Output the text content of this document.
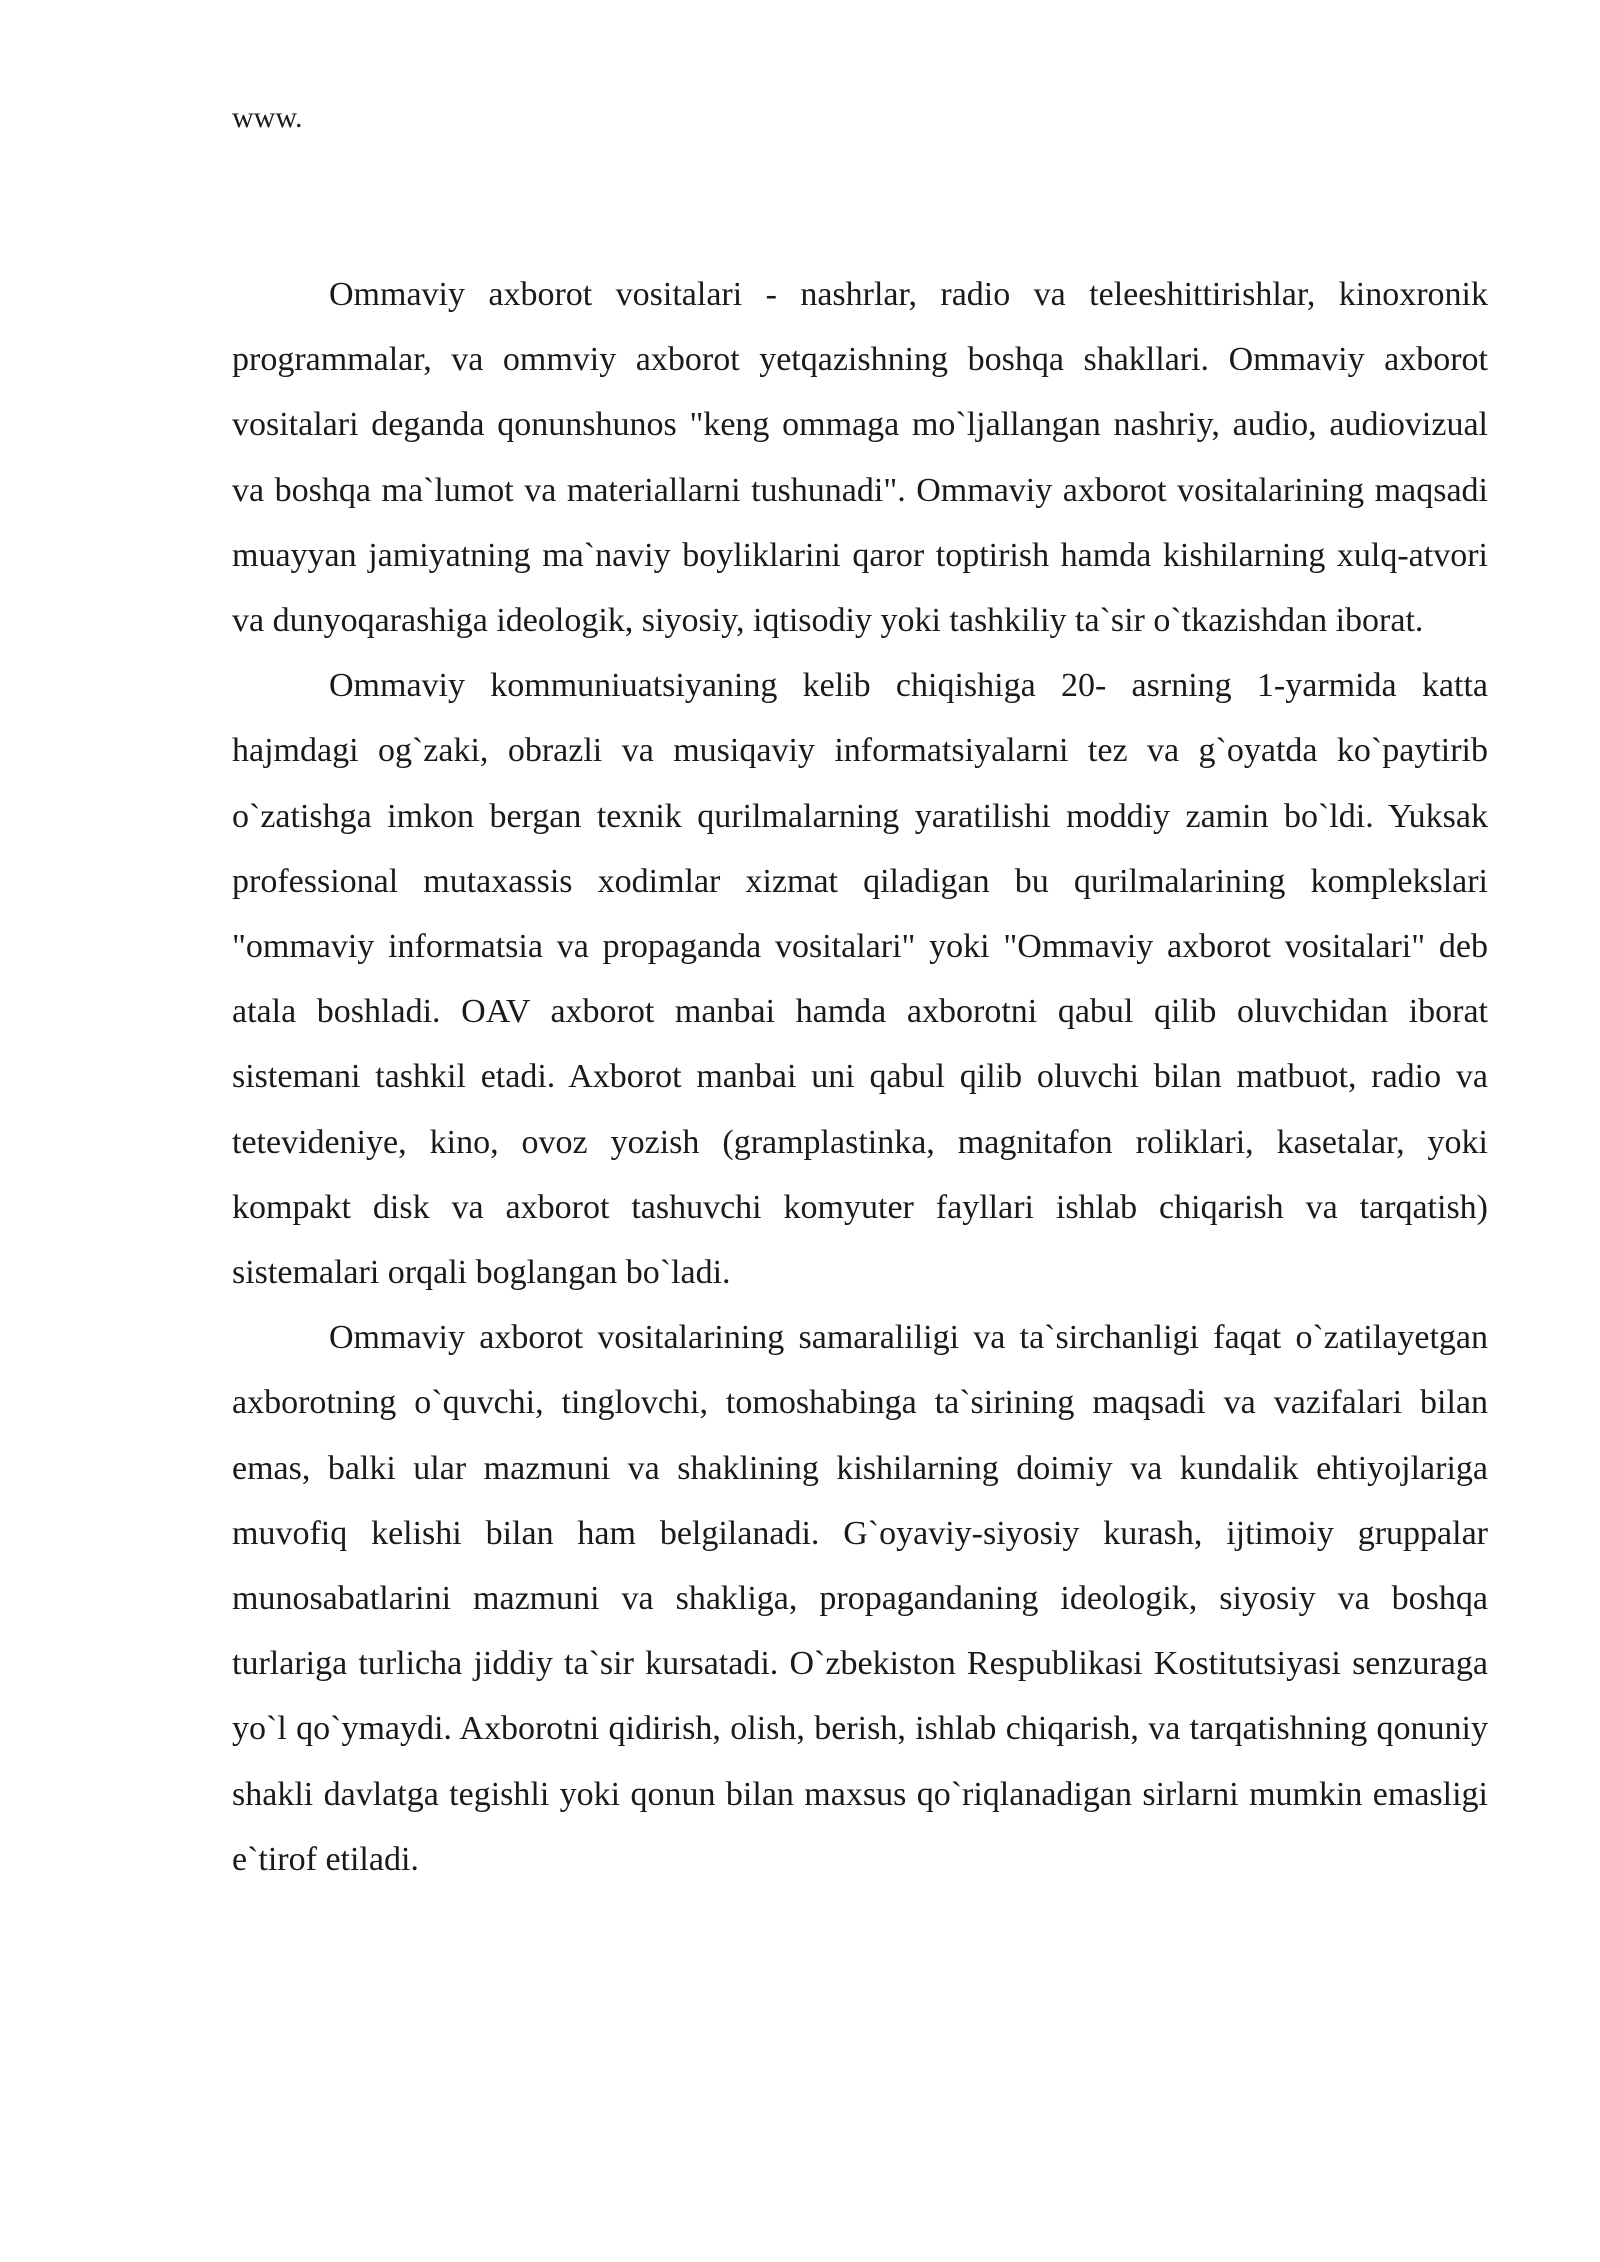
www.

Ommaviy axborot vositalari - nashrlar, radio va teleeshittirishlar, kinoxronik programmalar, va ommviy axborot yetqazishning boshqa shakllari. Ommaviy axborot vositalari deganda qonunshunos "keng ommaga mo`ljallangan nashriy, audio, audiovizual va boshqa ma`lumot va materiallarni tushunadi". Ommaviy axborot vositalarining maqsadi muayyan jamiyatning ma`naviy boyliklarini qaror toptirish hamda kishilarning xulq-atvori va dunyoqarashiga ideologik, siyosiy, iqtisodiy yoki tashkiliy ta`sir o`tkazishdan iborat.

Ommaviy kommuniuatsiyaning kelib chiqishiga 20- asrning 1-yarmida katta hajmdagi og`zaki, obrazli va musiqaviy informatsiyalarni tez va g`oyatda ko`paytirib o`zatishga imkon bergan texnik qurilmalarning yaratilishi moddiy zamin bo`ldi. Yuksak professional mutaxassis xodimlar xizmat qiladigan bu qurilmalarining komplekslari "ommaviy informatsia va propaganda vositalari" yoki "Ommaviy axborot vositalari" deb atala boshladi. OAV axborot manbai hamda axborotni qabul qilib oluvchidan iborat sistemani tashkil etadi. Axborot manbai uni qabul qilib oluvchi bilan matbuot, radio va tetevideniye, kino, ovoz yozish (gramplastinka, magnitafon roliklari, kasetalar, yoki kompakt disk va axborot tashuvchi komyuter fayllari ishlab chiqarish va tarqatish) sistemalari orqali boglangan bo`ladi.

Ommaviy axborot vositalarining samaraliligi va ta`sirchanligi faqat o`zatilayetgan axborotning o`quvchi, tinglovchi, tomoshabinga ta`sirining maqsadi va vazifalari bilan emas, balki ular mazmuni va shaklining kishilarning doimiy va kundalik ehtiyojlariga muvofiq kelishi bilan ham belgilanadi. G`oyaviy-siyosiy kurash, ijtimoiy gruppalar munosabatlarini mazmuni va shakliga, propagandaning ideologik, siyosiy va boshqa turlariga turlicha jiddiy ta`sir kursatadi. O`zbekiston Respublikasi Kostitutsiyasi senzuraga yo`l qo`ymaydi. Axborotni qidirish, olish, berish, ishlab chiqarish, va tarqatishning qonuniy shakli davlatga tegishli yoki qonun bilan maxsus qo`riqlanadigan sirlarni mumkin emasligi e`tirof etiladi.
